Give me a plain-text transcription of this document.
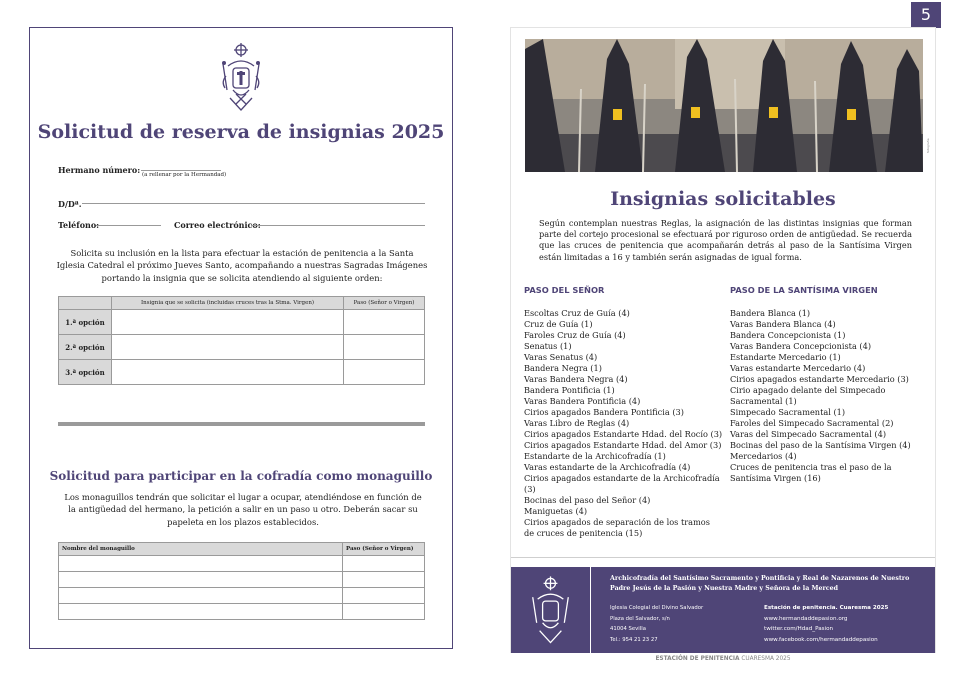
5
Solicitud de reserva de insignias 2025
Hermano número: (a rellenar por la Hermandad)
D/Dª.
Teléfono:	Correo electrónico:
Solicita su inclusión en la lista para efectuar la estación de penitencia a la Santa Iglesia Catedral el próximo Jueves Santo, acompañando a nuestras Sagradas Imágenes portando la insignia que se solicita atendiendo al siguiente orden:
	Insignia que se solicita (incluidas cruces tras la Stma. Virgen)	Paso (Señor o Virgen)
1.ª opción		
2.ª opción		
3.ª opción		
Solicitud para participar en la cofradía como monaguillo
Los monaguillos tendrán que solicitar el lugar a ocupar, atendiéndose en función de la antigüedad del hermano, la petición a salir en un paso u otro. Deberán sacar su papeleta en los plazos establecidos.
Nombre del monaguillo	Paso (Señor o Virgen)

fotografía
Insignias solicitables
Según contemplan nuestras Reglas, la asignación de las distintas insignias que forman parte del cortejo procesional se efectuará por riguroso orden de antigüedad. Se recuerda que las cruces de penitencia que acompañarán detrás al paso de la Santísima Virgen están limitadas a 16 y también serán asignadas de igual forma.
PASO DEL SEÑOR
Escoltas Cruz de Guía (4)
Cruz de Guía (1)
Faroles Cruz de Guía (4)
Senatus (1)
Varas Senatus (4)
Bandera Negra (1)
Varas Bandera Negra (4)
Bandera Pontificia (1)
Varas Bandera Pontificia (4)
Cirios apagados Bandera Pontificia (3)
Varas Libro de Reglas (4)
Cirios apagados Estandarte Hdad. del Rocío (3)
Cirios apagados Estandarte Hdad. del Amor (3)
Estandarte de la Archicofradía (1)
Varas estandarte de la Archicofradía (4)
Cirios apagados estandarte de la Archicofradía (3)
Bocinas del paso del Señor (4)
Maniguetas (4)
Cirios apagados de separación de los tramos
de cruces de penitencia (15)
PASO DE LA SANTÍSIMA VIRGEN
Bandera Blanca (1)
Varas Bandera Blanca (4)
Bandera Concepcionista (1)
Varas Bandera Concepcionista (4)
Estandarte Mercedario (1)
Varas estandarte Mercedario (4)
Cirios apagados estandarte Mercedario (3)
Cirio apagado delante del Simpecado
Sacramental (1)
Simpecado Sacramental (1)
Faroles del Simpecado Sacramental (2)
Varas del Simpecado Sacramental (4)
Bocinas del paso de la Santísima Virgen (4)
Mercedarios (4)
Cruces de penitencia tras el paso de la
Santísima Virgen (16)
Archicofradía del Santísimo Sacramento y Pontificia y Real de Nazarenos de Nuestro Padre Jesús de la Pasión y Nuestra Madre y Señora de la Merced
Iglesia Colegial del Divino Salvador
Plaza del Salvador, s/n
41004 Sevilla
Tel.: 954 21 23 27
Estación de penitencia. Cuaresma 2025
www.hermandaddepasion.org
twitter.com/Hdad_Pasion
www.facebook.com/hermandaddepasion
ESTACIÓN DE PENITENCIA CUARESMA 2025
